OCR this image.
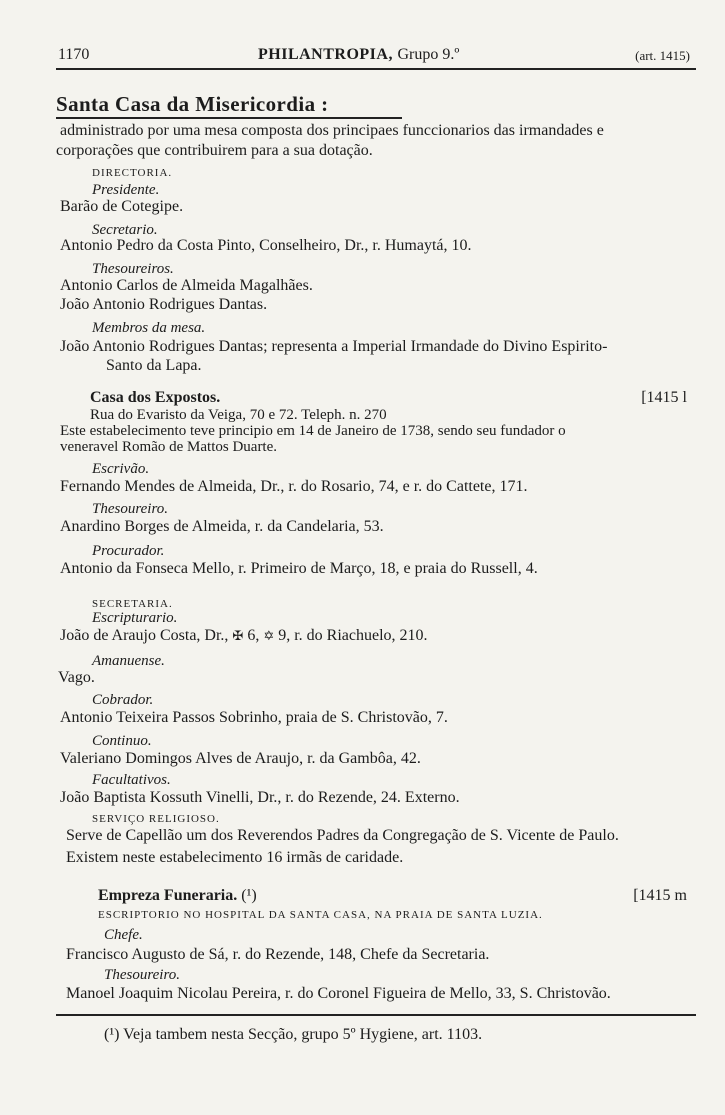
1170	PHILANTROPIA, Grupo 9.º	(art. 1415)
Santa Casa da Misericordia :
administrado por uma mesa composta dos principaes funccionarios das irmandades e
corporações que contribuirem para a sua dotação.
DIRECTORIA.
Presidente.
Barão de Cotegipe.
Secretario.
Antonio Pedro da Costa Pinto, Conselheiro, Dr., r. Humaytá, 10.
Thesoureiros.
Antonio Carlos de Almeida Magalhães.
João Antonio Rodrigues Dantas.
Membros da mesa.
João Antonio Rodrigues Dantas; representa a Imperial Irmandade do Divino Espirito-
Santo da Lapa.
Casa dos Expostos.	[1415 l
Rua do Evaristo da Veiga, 70 e 72. Teleph. n. 270
Este estabelecimento teve principio em 14 de Janeiro de 1738, sendo seu fundador o
veneravel Romão de Mattos Duarte.
Escrivão.
Fernando Mendes de Almeida, Dr., r. do Rosario, 74, e r. do Cattete, 171.
Thesoureiro.
Anardino Borges de Almeida, r. da Candelaria, 53.
Procurador.
Antonio da Fonseca Mello, r. Primeiro de Março, 18, e praia do Russell, 4.
SECRETARIA.
Escripturario.
João de Araujo Costa, Dr., ✠ 6, ✡ 9, r. do Riachuelo, 210.
Amanuense.
Vago.
Cobrador.
Antonio Teixeira Passos Sobrinho, praia de S. Christovão, 7.
Continuo.
Valeriano Domingos Alves de Araujo, r. da Gambôa, 42.
Facultativos.
João Baptista Kossuth Vinelli, Dr., r. do Rezende, 24. Externo.
SERVIÇO RELIGIOSO.
Serve de Capellão um dos Reverendos Padres da Congregação de S. Vicente de Paulo.
Existem neste estabelecimento 16 irmãs de caridade.
Empreza Funeraria. (¹)	[1415 m
ESCRIPTORIO NO HOSPITAL DA SANTA CASA, NA PRAIA DE SANTA LUZIA.
Chefe.
Francisco Augusto de Sá, r. do Rezende, 148, Chefe da Secretaria.
Thesoureiro.
Manoel Joaquim Nicolau Pereira, r. do Coronel Figueira de Mello, 33, S. Christovão.
(¹) Veja tambem nesta Secção, grupo 5º Hygiene, art. 1103.
